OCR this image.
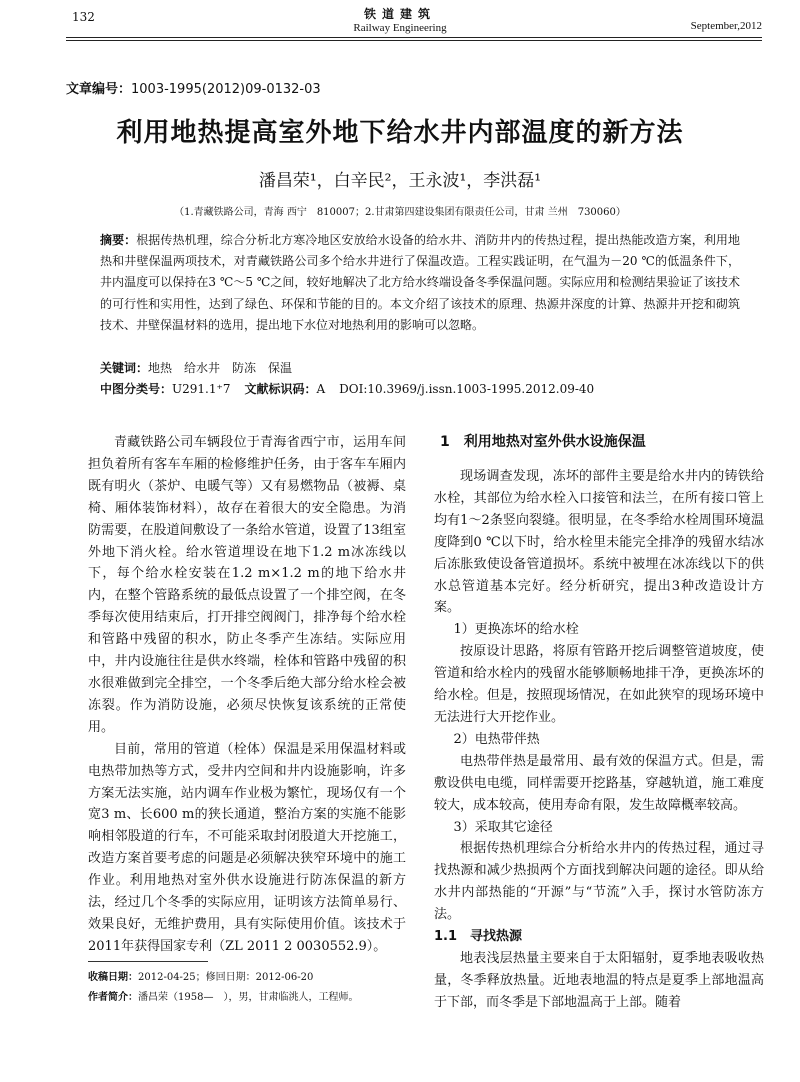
132	铁道建筑
Railway Engineering	September,2012
文章编号：1003-1995(2012)09-0132-03
利用地热提高室外地下给水井内部温度的新方法
潘昌荣¹，白辛民²，王永波¹，李洪磊¹
（1.青藏铁路公司，青海 西宁　810007；2.甘肃第四建设集团有限责任公司，甘肃 兰州　730060）
摘要：根据传热机理，综合分析北方寒冷地区安放给水设备的给水井、消防井内的传热过程，提出热能改造方案，利用地热和井壁保温两项技术，对青藏铁路公司多个给水井进行了保温改造。工程实践证明，在气温为－20 ℃的低温条件下，井内温度可以保持在3 ℃～5 ℃之间，较好地解决了北方给水终端设备冬季保温问题。实际应用和检测结果验证了该技术的可行性和实用性，达到了绿色、环保和节能的目的。本文介绍了该技术的原理、热源井深度的计算、热源井开挖和砌筑技术、井壁保温材料的选用，提出地下水位对地热利用的影响可以忽略。
关键词：地热　给水井　防冻　保温
中图分类号：U291.1⁺7 文献标识码：A DOI:10.3969/j.issn.1003-1995.2012.09-40

青藏铁路公司车辆段位于青海省西宁市，运用车间担负着所有客车车厢的检修维护任务，由于客车车厢内既有明火（茶炉、电暖气等）又有易燃物品（被褥、桌椅、厢体装饰材料），故存在着很大的安全隐患。为消防需要，在股道间敷设了一条给水管道，设置了13组室外地下消火栓。给水管道埋设在地下1.2 m冰冻线以下，每个给水栓安装在1.2 m×1.2 m的地下给水井内，在整个管路系统的最低点设置了一个排空阀，在冬季每次使用结束后，打开排空阀阀门，排净每个给水栓和管路中残留的积水，防止冬季产生冻结。实际应用中，井内设施往往是供水终端，栓体和管路中残留的积水很难做到完全排空，一个冬季后绝大部分给水栓会被冻裂。作为消防设施，必须尽快恢复该系统的正常使用。

目前，常用的管道（栓体）保温是采用保温材料或电热带加热等方式，受井内空间和井内设施影响，许多方案无法实施，站内调车作业极为繁忙，现场仅有一个宽3 m、长600 m的狭长通道，整治方案的实施不能影响相邻股道的行车，不可能采取封闭股道大开挖施工，改造方案首要考虑的问题是必须解决狭窄环境中的施工作业。利用地热对室外供水设施进行防冻保温的新方法，经过几个冬季的实际应用，证明该方法简单易行、效果良好，无维护费用，具有实际使用价值。该技术于2011年获得国家专利（ZL 2011 2 0030552.9）。

1　利用地热对室外供水设施保温

现场调查发现，冻坏的部件主要是给水井内的铸铁给水栓，其部位为给水栓入口接管和法兰，在所有接口管上均有1～2条竖向裂缝。很明显，在冬季给水栓周围环境温度降到0 ℃以下时，给水栓里未能完全排净的残留水结冰后冻胀致使设备管道损坏。系统中被埋在冰冻线以下的供水总管道基本完好。经分析研究，提出3种改造设计方案。

1）更换冻坏的给水栓

按原设计思路，将原有管路开挖后调整管道坡度，使管道和给水栓内的残留水能够顺畅地排干净，更换冻坏的给水栓。但是，按照现场情况，在如此狭窄的现场环境中无法进行大开挖作业。

2）电热带伴热

电热带伴热是最常用、最有效的保温方式。但是，需敷设供电电缆，同样需要开挖路基，穿越轨道，施工难度较大，成本较高，使用寿命有限，发生故障概率较高。

3）采取其它途径

根据传热机理综合分析给水井内的传热过程，通过寻找热源和减少热损两个方面找到解决问题的途径。即从给水井内部热能的“开源”与“节流”入手，探讨水管防冻方法。

1.1　寻找热源

地表浅层热量主要来自于太阳辐射，夏季地表吸收热量，冬季释放热量。近地表地温的特点是夏季上部地温高于下部，而冬季是下部地温高于上部。随着

收稿日期：2012-04-25；修回日期：2012-06-20
作者简介：潘昌荣（1958—　），男，甘肃临洮人，工程师。
